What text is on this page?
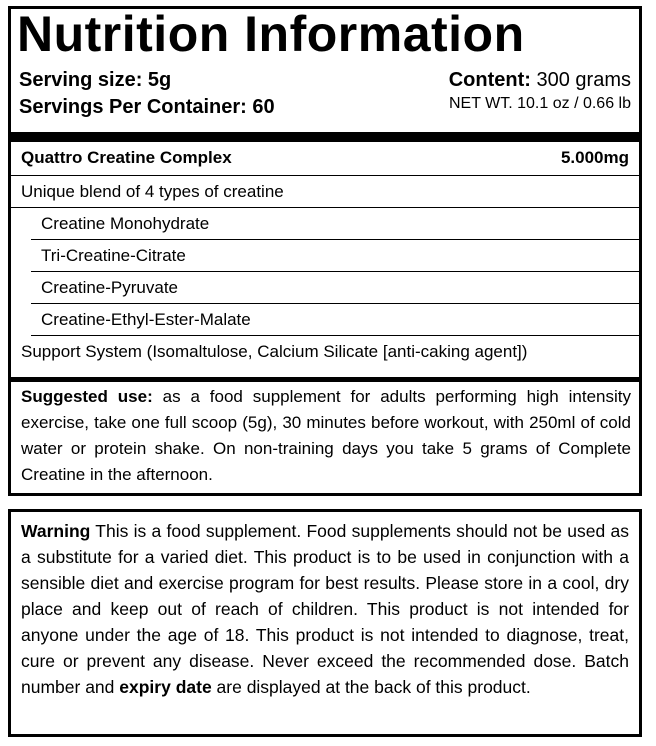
Nutrition Information
Serving size: 5g
Servings Per Container: 60
Content: 300 grams
NET WT. 10.1 oz / 0.66 lb
Quattro Creatine Complex	5.000mg
Unique blend of 4 types of creatine
Creatine Monohydrate
Tri-Creatine-Citrate
Creatine-Pyruvate
Creatine-Ethyl-Ester-Malate
Support System (Isomaltulose, Calcium Silicate [anti-caking agent])
Suggested use: as a food supplement for adults performing high intensity exercise, take one full scoop (5g), 30 minutes before workout, with 250ml of cold water or protein shake. On non-training days you take 5 grams of Complete Creatine in the afternoon.
Warning This is a food supplement. Food supplements should not be used as a substitute for a varied diet. This product is to be used in conjunction with a sensible diet and exercise program for best results. Please store in a cool, dry place and keep out of reach of children. This product is not intended for anyone under the age of 18. This product is not intended to diagnose, treat, cure or prevent any disease. Never exceed the recommended dose. Batch number and expiry date are displayed at the back of this product.
